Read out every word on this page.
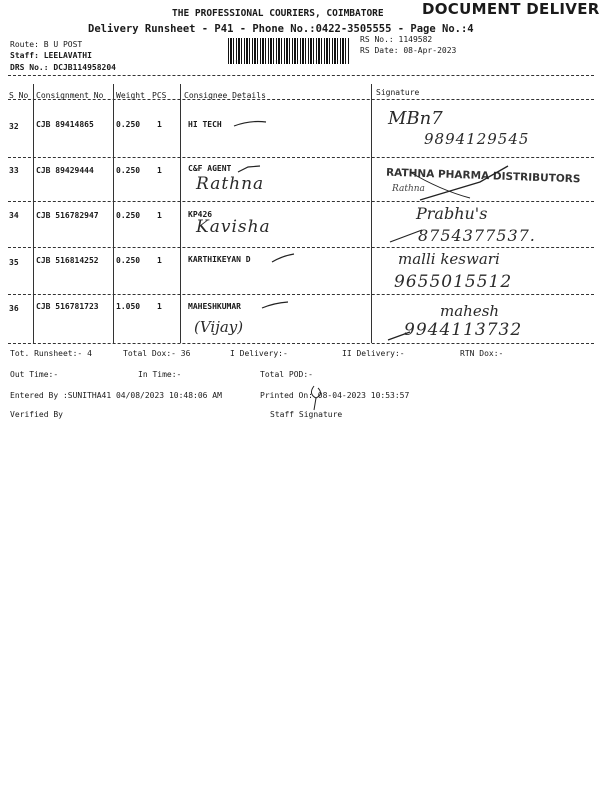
THE PROFESSIONAL COURIERS, COIMBATORE	DOCUMENT DELIVER
Delivery Runsheet - P41 - Phone No.:0422-3505555 - Page No.:4
Route: B U POST
Staff: LEELAVATHI
DRS No.: DCJB114958204
RS No.: 1149582
RS Date: 08-Apr-2023
S No Consignment No Weight PCS Consignee Details	Signature
32 CJB 89414865	0.250 1	HI TECH	MBn7
9894129545
33 CJB 89429444	0.250 1	C&F AGENT
Rathna	RATHNA PHARMA DISTRIBUTORS
Rathna
34 CJB 516782947 0.250 1	KP426
Kavisha
Prabhu's
8754377537.
35 CJB 516814252 0.250 1	KARTHIKEYAN D	malli keswari
9655015512
36 CJB 516781723 1.050 1	MAHESHKUMAR
(Vijay)
mahesh
9944113732
Tot. Runsheet:- 4	Total Dox:- 36	I Delivery:-	II Delivery:-	RTN Dox:-
Out Time:-	In Time:-	Total POD:-
Entered By :SUNITHA41 04/08/2023 10:48:06 AM	Printed On: 08-04-2023 10:53:57
Verified By	Staff Signature
